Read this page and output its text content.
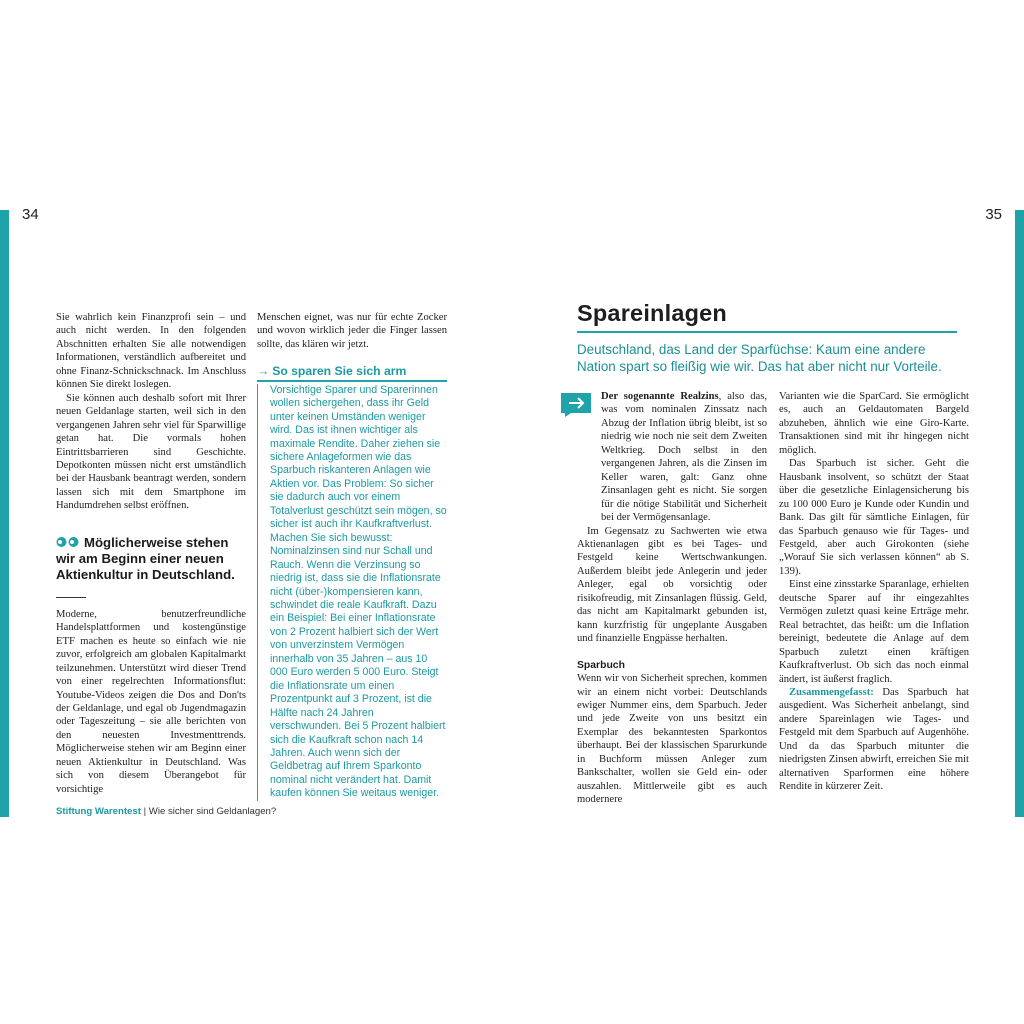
34

Sie wahrlich kein Finanzprofi sein – und auch nicht werden. In den folgenden Abschnitten erhalten Sie alle notwendigen Informationen, verständlich aufbereitet und ohne Finanz-Schnickschnack. Im Anschluss können Sie direkt loslegen.

Sie können auch deshalb sofort mit Ihrer neuen Geldanlage starten, weil sich in den vergangenen Jahren sehr viel für Sparwillige getan hat. Die vormals hohen Eintrittsbarrieren sind Geschichte. Depotkonten müssen nicht erst umständlich bei der Hausbank beantragt werden, sondern lassen sich mit dem Smartphone im Handumdrehen selbst eröffnen.

Möglicherweise stehen wir am Beginn einer neuen Aktienkultur in Deutschland.

Moderne, benutzerfreundliche Handelsplattformen und kostengünstige ETF machen es heute so einfach wie nie zuvor, erfolgreich am globalen Kapitalmarkt teilzunehmen. Unterstützt wird dieser Trend von einer regelrechten Informationsflut: Youtube-Videos zeigen die Dos and Don'ts der Geldanlage, und egal ob Jugendmagazin oder Tageszeitung – sie alle berichten von den neuesten Investmenttrends. Möglicherweise stehen wir am Beginn einer neuen Aktienkultur in Deutschland. Was sich von diesem Überangebot für vorsichtige

Menschen eignet, was nur für echte Zocker und wovon wirklich jeder die Finger lassen sollte, das klären wir jetzt.

→ So sparen Sie sich arm
Vorsichtige Sparer und Sparerinnen wollen sichergehen, dass ihr Geld unter keinen Umständen weniger wird. Das ist ihnen wichtiger als maximale Rendite. Daher ziehen sie sichere Anlageformen wie das Sparbuch riskanteren Anlagen wie Aktien vor. Das Problem: So sicher sie dadurch auch vor einem Totalverlust geschützt sein mögen, so sicher ist auch ihr Kaufkraftverlust. Machen Sie sich bewusst: Nominalzinsen sind nur Schall und Rauch. Wenn die Verzinsung so niedrig ist, dass sie die Inflationsrate nicht (über-)kompensieren kann, schwindet die reale Kaufkraft. Dazu ein Beispiel: Bei einer Inflationsrate von 2 Prozent halbiert sich der Wert von unverzinstem Vermögen innerhalb von 35 Jahren – aus 10 000 Euro werden 5 000 Euro. Steigt die Inflationsrate um einen Prozentpunkt auf 3 Prozent, ist die Hälfte nach 24 Jahren verschwunden. Bei 5 Prozent halbiert sich die Kaufkraft schon nach 14 Jahren. Auch wenn sich der Geldbetrag auf Ihrem Sparkonto nominal nicht verändert hat. Damit kaufen können Sie weitaus weniger.
Stiftung Warentest | Wie sicher sind Geldanlagen?
35
Spareinlagen
Deutschland, das Land der Sparfüchse: Kaum eine andere Nation spart so fleißig wie wir. Das hat aber nicht nur Vorteile.

Der sogenannte Realzins, also das, was vom nominalen Zinssatz nach Abzug der Inflation übrig bleibt, ist so niedrig wie noch nie seit dem Zweiten Weltkrieg. Doch selbst in den vergangenen Jahren, als die Zinsen im Keller waren, galt: Ganz ohne Zinsanlagen geht es nicht. Sie sorgen für die nötige Stabilität und Sicherheit bei der Vermögensanlage.

Im Gegensatz zu Sachwerten wie etwa Aktienanlagen gibt es bei Tages- und Festgeld keine Wertschwankungen. Außerdem bleibt jede Anlegerin und jeder Anleger, egal ob vorsichtig oder risikofreudig, mit Zinsanlagen flüssig. Geld, das nicht am Kapitalmarkt gebunden ist, kann kurzfristig für ungeplante Ausgaben und finanzielle Engpässe herhalten.

Sparbuch

Wenn wir von Sicherheit sprechen, kommen wir an einem nicht vorbei: Deutschlands ewiger Nummer eins, dem Sparbuch. Jeder und jede Zweite von uns besitzt ein Exemplar des bekanntesten Sparkontos überhaupt. Bei der klassischen Sparurkunde in Buchform müssen Anleger zum Bankschalter, wollen sie Geld ein- oder auszahlen. Mittlerweile gibt es auch modernere

Varianten wie die SparCard. Sie ermöglicht es, auch an Geldautomaten Bargeld abzuheben, ähnlich wie eine Giro-Karte. Transaktionen sind mit ihr hingegen nicht möglich.

Das Sparbuch ist sicher. Geht die Hausbank insolvent, so schützt der Staat über die gesetzliche Einlagensicherung bis zu 100 000 Euro je Kunde oder Kundin und Bank. Das gilt für sämtliche Einlagen, für das Sparbuch genauso wie für Tages- und Festgeld, aber auch Girokonten (siehe „Worauf Sie sich verlassen können“ ab S. 139).

Einst eine zinsstarke Sparanlage, erhielten deutsche Sparer auf ihr eingezahltes Vermögen zuletzt quasi keine Erträge mehr. Real betrachtet, das heißt: um die Inflation bereinigt, bedeutete die Anlage auf dem Sparbuch zuletzt einen kräftigen Kaufkraftverlust. Ob sich das noch einmal ändert, ist äußerst fraglich.

Zusammengefasst: Das Sparbuch hat ausgedient. Was Sicherheit anbelangt, sind andere Spareinlagen wie Tages- und Festgeld mit dem Sparbuch auf Augenhöhe. Und da das Sparbuch mitunter die niedrigsten Zinsen abwirft, erreichen Sie mit alternativen Sparformen eine höhere Rendite in kürzerer Zeit.
